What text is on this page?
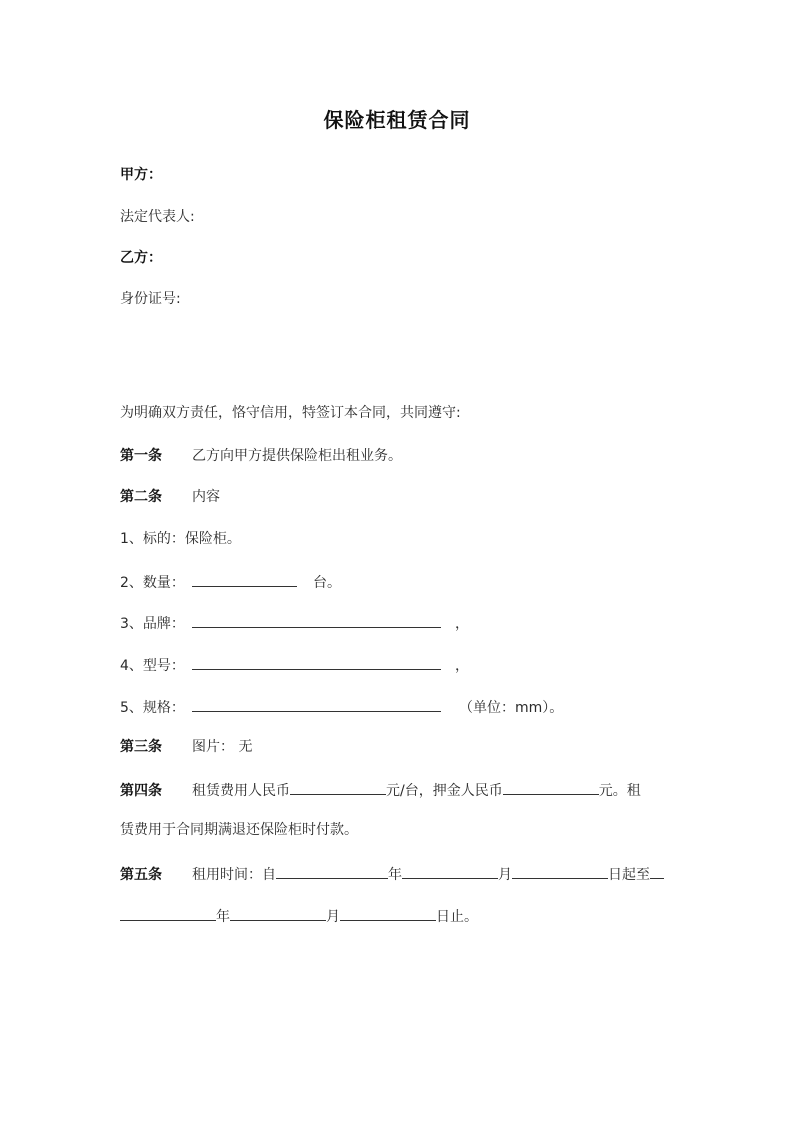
保险柜租赁合同
甲方：
法定代表人:
乙方：
身份证号:
为明确双方责任，恪守信用，特签订本合同，共同遵守:
第一条 乙方向甲方提供保险柜出租业务。
第二条 内容
1、标的：保险柜。
2、数量：	台。
3、品牌：	，
4、型号：	，
5、规格：	（单位：mm）。
第三条 图片： 无
第四条 租赁费用人民币	元/台，押金人民币	元。租
赁费用于合同期满退还保险柜时付款。
第五条 租用时间：自	年	月	日起至
年	月	日止。
